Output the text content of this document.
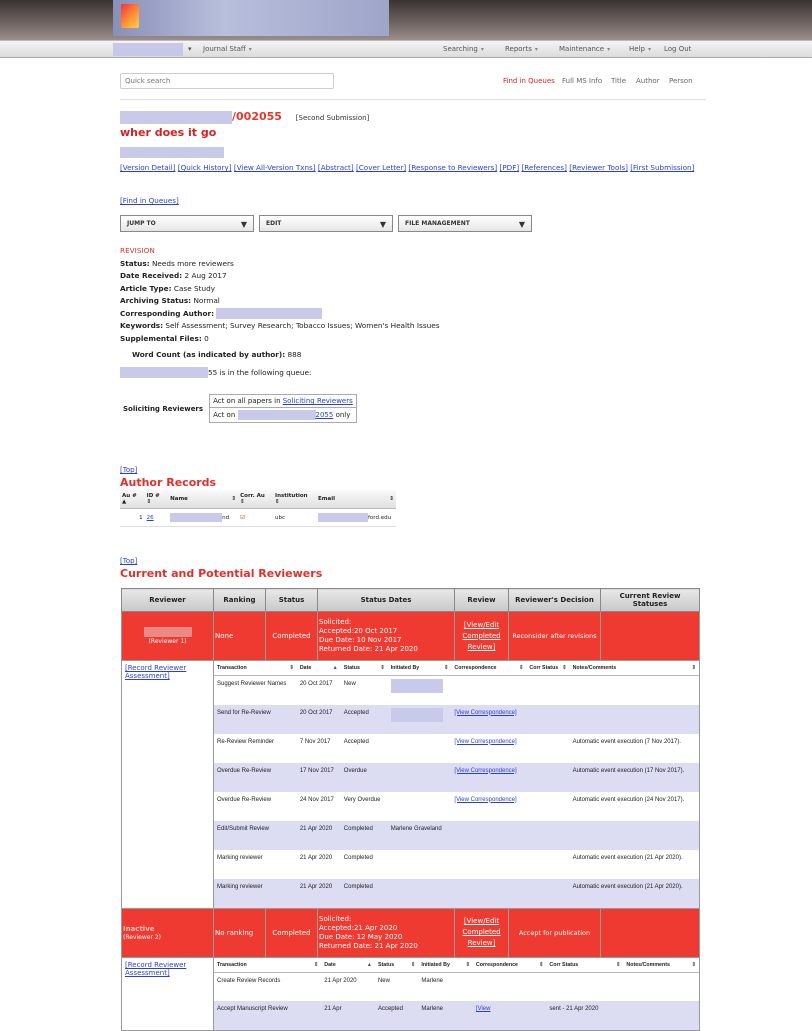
▾ Journal Staff ▾	Searching ▾	Reports ▾	Maintenance ▾	Help ▾ Log Out
Quick search
Find in Queues Full MS Info Title Author Person
/002055 [Second Submission]
wher does it go
[Version Detail] [Quick History] [View All-Version Txns] [Abstract] [Cover Letter] [Response to Reviewers] [PDF] [References] [Reviewer Tools] [First Submission]
[Find in Queues]
JUMP TO	▼	EDIT	▼	FILE MANAGEMENT	▼
REVISION
Status: Needs more reviewers
Date Received: 2 Aug 2017
Article Type: Case Study
Archiving Status: Normal
Corresponding Author:
Keywords: Self Assessment; Survey Research; Tobacco Issues; Women's Health Issues
Supplemental Files: 0
Word Count (as indicated by author): 888
55 is in the following queue:
Soliciting Reviewers	Act on all papers in Soliciting Reviewers
Act on	2055 only
[Top]
Author Records
Au # ▲	ID # ⇕	Name ⇕	Corr. Au ⇕	Institution ⇕	Email ⇕

1	26	nd	☑	ubc	ford.edu
[Top]
Current and Potential Reviewers
Reviewer	Ranking	Status	Status Dates	Review	Reviewer's Decision	Current Review Statuses

(Reviewer 1)	None	Completed	
Solicited:
Accepted:20 Oct 2017
Due Date: 10 Nov 2017
Returned Date: 21 Apr 2020
	[View/Edit Completed Review]	Reconsider after revisions	
[Record Reviewer Assessment]	
Transaction	⇕	Date	▲	Status	⇕	Initiated By	⇕	Correspondence	⇕	Corr Status ⇕	Notes/Comments	⇕

Suggest Reviewer Names	20 Oct 2017	New				
Send for Re-Review	20 Oct 2017	Accepted		[View Correspondence]		
Re-Review Reminder	7 Nov 2017	Accepted		[View Correspondence]		Automatic event execution (7 Nov 2017).
Overdue Re-Review	17 Nov 2017	Overdue		[View Correspondence]		Automatic event execution (17 Nov 2017).
Overdue Re-Review	24 Nov 2017	Very Overdue		[View Correspondence]		Automatic event execution (24 Nov 2017).
Edit/Submit Review	21 Apr 2020	Completed	Marlene Graveland			
Marking reviewer	21 Apr 2020	Completed				Automatic event execution (21 Apr 2020).
Marking reviewer	21 Apr 2020	Completed				Automatic event execution (21 Apr 2020).

Inactive
(Reviewer 2)	No ranking	Completed	
Solicited:
Accepted:21 Apr 2020
Due Date: 12 May 2020
Returned Date: 21 Apr 2020
	[View/Edit Completed Review]	Accept for publication	
[Record Reviewer Assessment]	
Transaction	⇕	Date	▲	Status	⇕	Initiated By	⇕	Correspondence	⇕	Corr Status	⇕	Notes/Comments	⇕

Create Review Records	21 Apr 2020	New	Marlene			
Accept Manuscript Review	21 Apr	Accepted	Marlene	[View	sent - 21 Apr 2020	
